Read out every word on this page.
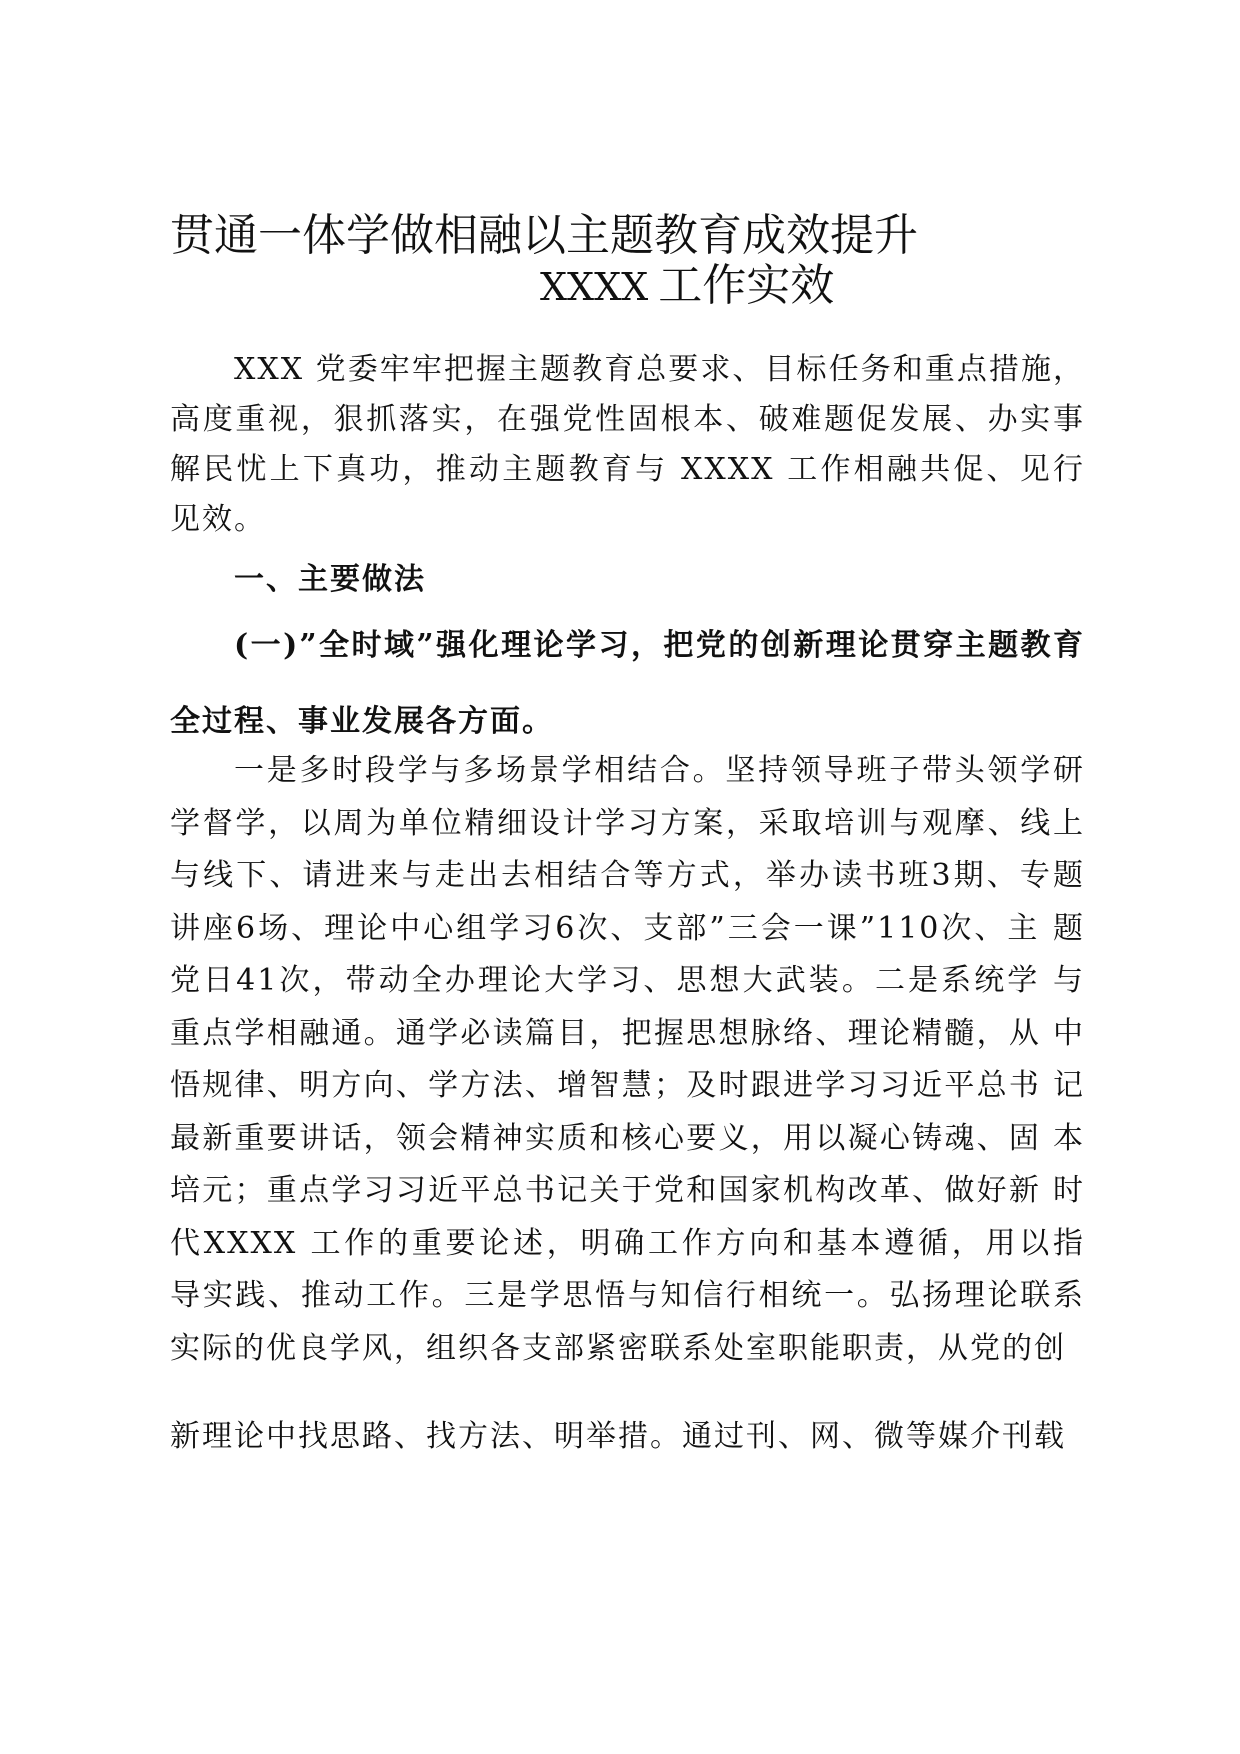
贯通一体学做相融以主题教育成效提升
XXXX 工作实效
XXX 党委牢牢把握主题教育总要求、目标任务和重点措施，高度重视，狠抓落实，在强党性固根本、破难题促发展、办实事解民忧上下真功，推动主题教育与 XXXX 工作相融共促、见行见效。
一、主要做法
(一)”全时域”强化理论学习，把党的创新理论贯穿主题教育全过程、事业发展各方面。
一是多时段学与多场景学相结合。坚持领导班子带头领学研学督学，以周为单位精细设计学习方案，采取培训与观摩、线上与线下、请进来与走出去相结合等方式，举办读书班3期、专题 讲座6场、理论中心组学习6次、支部”三会一课”110次、主 题党日41次，带动全办理论大学习、思想大武装。二是系统学 与重点学相融通。通学必读篇目，把握思想脉络、理论精髓，从 中悟规律、明方向、学方法、增智慧；及时跟进学习习近平总书 记最新重要讲话，领会精神实质和核心要义，用以凝心铸魂、固 本培元；重点学习习近平总书记关于党和国家机构改革、做好新 时代XXXX 工作的重要论述，明确工作方向和基本遵循，用以指 导实践、推动工作。三是学思悟与知信行相统一。弘扬理论联系 实际的优良学风，组织各支部紧密联系处室职能职责，从党的创
新理论中找思路、找方法、明举措。通过刊、网、微等媒介刊载
